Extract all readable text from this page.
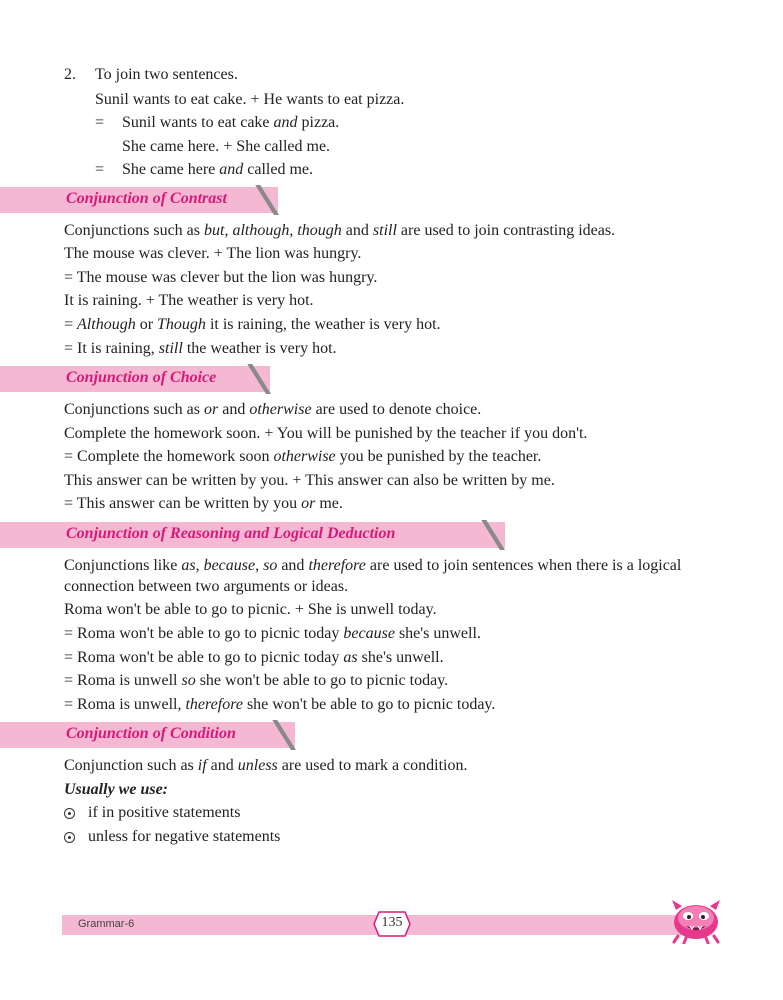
2. To join two sentences.
Sunil wants to eat cake. + He wants to eat pizza.
= Sunil wants to eat cake and pizza.
She came here. + She called me.
= She came here and called me.
Conjunction of Contrast
Conjunctions such as but, although, though and still are used to join contrasting ideas.
The mouse was clever. + The lion was hungry.
= The mouse was clever but the lion was hungry.
It is raining. + The weather is very hot.
= Although or Though it is raining, the weather is very hot.
= It is raining, still the weather is very hot.
Conjunction of Choice
Conjunctions such as or and otherwise are used to denote choice.
Complete the homework soon. + You will be punished by the teacher if you don't.
= Complete the homework soon otherwise you be punished by the teacher.
This answer can be written by you. + This answer can also be written by me.
= This answer can be written by you or me.
Conjunction of Reasoning and Logical Deduction
Conjunctions like as, because, so and therefore are used to join sentences when there is a logical
connection between two arguments or ideas.
Roma won't be able to go to picnic. + She is unwell today.
= Roma won't be able to go to picnic today because she's unwell.
= Roma won't be able to go to picnic today as she's unwell.
= Roma is unwell so she won't be able to go to picnic today.
= Roma is unwell, therefore she won't be able to go to picnic today.
Conjunction of Condition
Conjunction such as if and unless are used to mark a condition.
Usually we use:
if in positive statements
unless for negative statements
Grammar-6	135
